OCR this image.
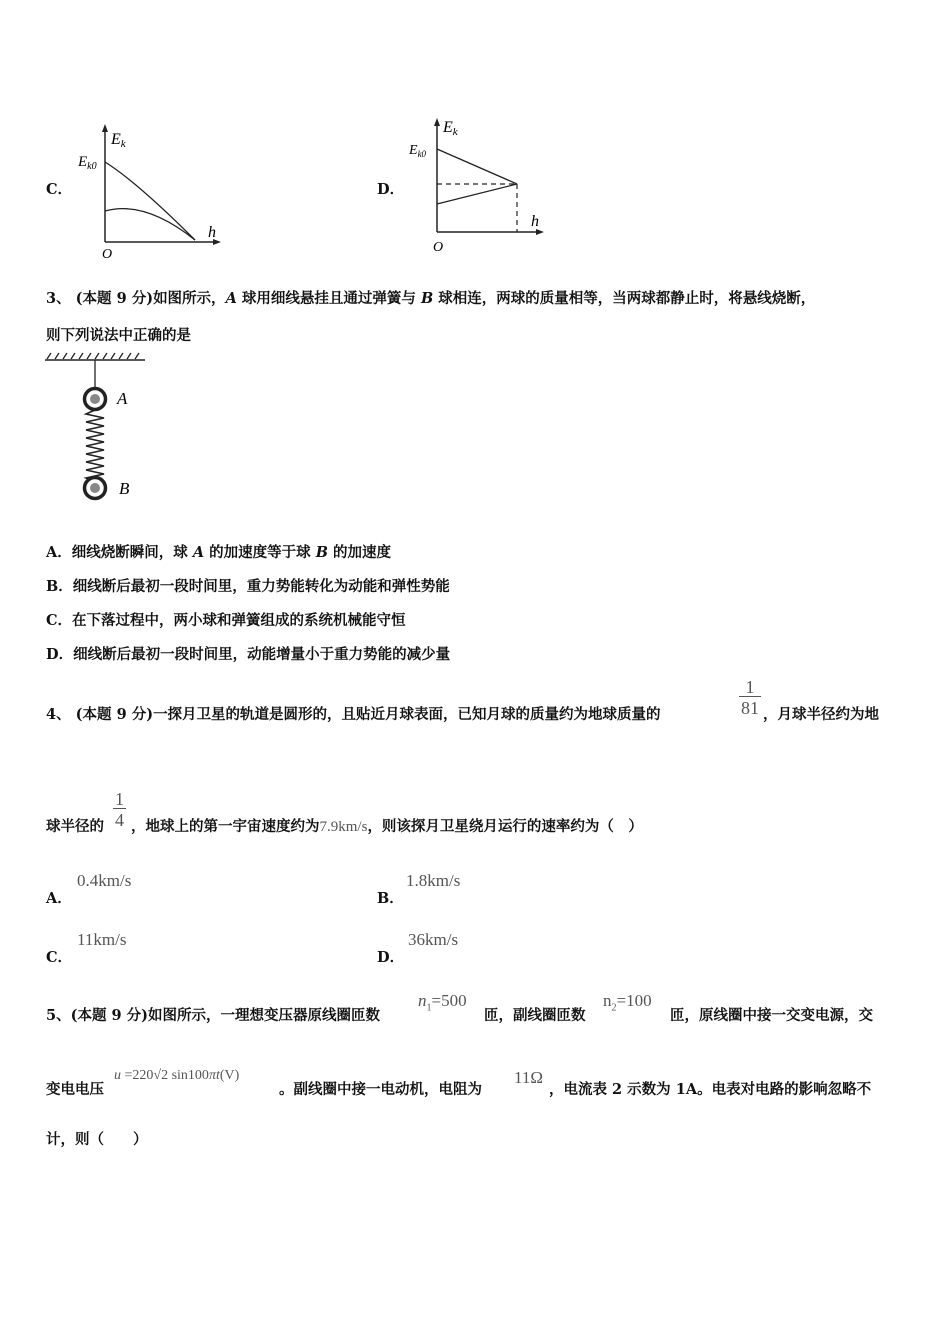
C．
Ek
$E_{k0}$
h
O
D．
Ek
$E_{k0}$
h
O
3、 (本题 9 分)如图所示，A 球用细线悬挂且通过弹簧与 B 球相连，两球的质量相等，当两球都静止时，将悬线烧断，
则下列说法中正确的是
A
B
A．细线烧断瞬间，球 A 的加速度等于球 B 的加速度
B．细线断后最初一段时间里，重力势能转化为动能和弹性势能
C．在下落过程中，两小球和弹簧组成的系统机械能守恒
D．细线断后最初一段时间里，动能增量小于重力势能的减少量
4、 (本题 9 分)一探月卫星的轨道是圆形的，且贴近月球表面，已知月球的质量约为地球质量的	$\frac{1}{81}$ ，月球半径约为地
球半径的 $\frac{1}{4}$ ，地球上的第一宇宙速度约为7.9km/s，则该探月卫星绕月运行的速率约为（　）
A．
0.4km/s
B．
1.8km/s
C．
11km/s
D．
36km/s
5、(本题 9 分)如图所示，一理想变压器原线圈匝数
$n_1=500$
匝，副线圈匝数
$n_2=100$
匝，原线圈中接一交变电源，交
变电电压
u =220√2 sin100πt(V)
。副线圈中接一电动机，电阻为
11Ω
，电流表 2 示数为 1A。电表对电路的影响忽略不
计，则（　　）
